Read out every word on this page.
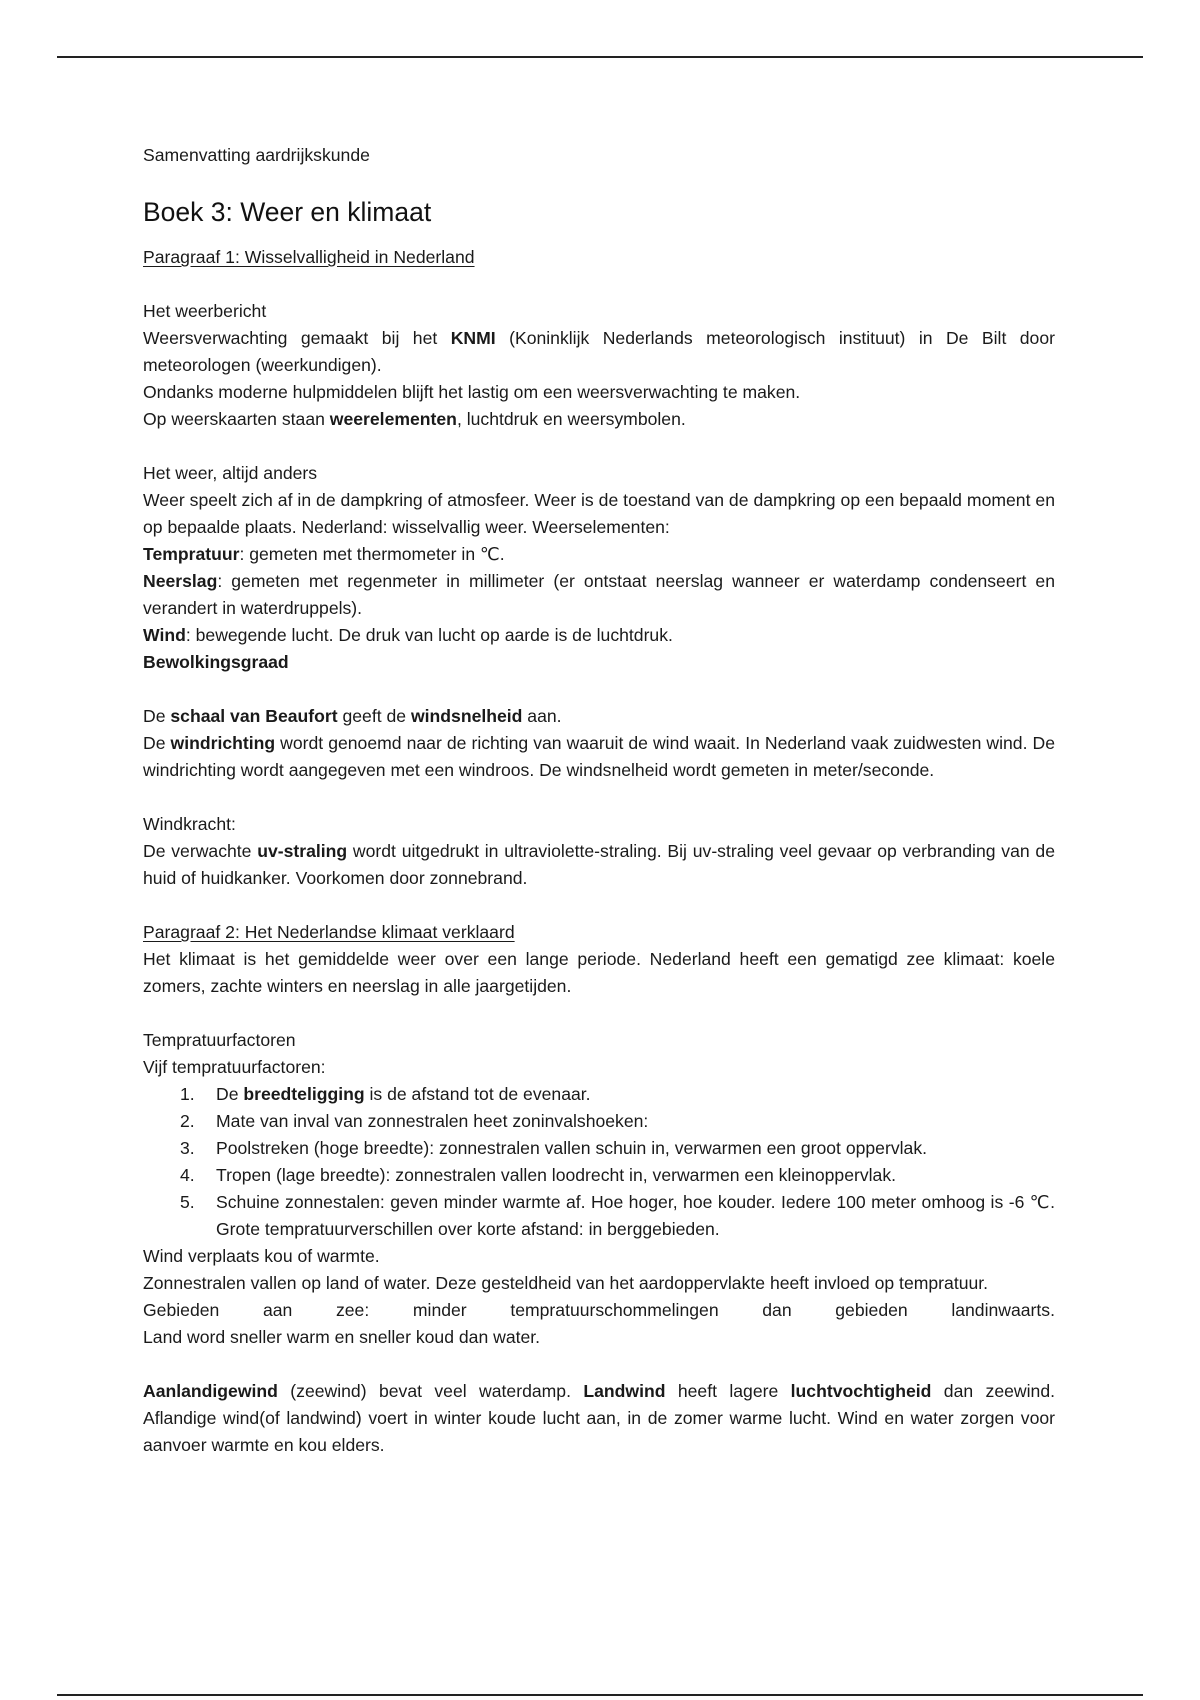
Samenvatting aardrijkskunde

Boek 3: Weer en klimaat

Paragraaf 1: Wisselvalligheid in Nederland

Het weerbericht

Weersverwachting gemaakt bij het KNMI (Koninklijk Nederlands meteorologisch instituut) in De Bilt door meteorologen (weerkundigen).

Ondanks moderne hulpmiddelen blijft het lastig om een weersverwachting te maken.

Op weerskaarten staan weerelementen, luchtdruk en weersymbolen.

Het weer, altijd anders

Weer speelt zich af in de dampkring of atmosfeer. Weer is de toestand van de dampkring op een bepaald moment en op bepaalde plaats. Nederland: wisselvallig weer. Weerselementen:

Tempratuur: gemeten met thermometer in ℃.

Neerslag: gemeten met regenmeter in millimeter (er ontstaat neerslag wanneer er waterdamp condenseert en verandert in waterdruppels).

Wind: bewegende lucht. De druk van lucht op aarde is de luchtdruk.

Bewolkingsgraad

De schaal van Beaufort geeft de windsnelheid aan.

De windrichting wordt genoemd naar de richting van waaruit de wind waait. In Nederland vaak zuidwesten wind. De windrichting wordt aangegeven met een windroos. De windsnelheid wordt gemeten in meter/seconde.

Windkracht:

De verwachte uv-straling wordt uitgedrukt in ultraviolette-straling. Bij uv-straling veel gevaar op verbranding van de huid of huidkanker. Voorkomen door zonnebrand.

Paragraaf 2: Het Nederlandse klimaat verklaard

Het klimaat is het gemiddelde weer over een lange periode. Nederland heeft een gematigd zee klimaat: koele zomers, zachte winters en neerslag in alle jaargetijden.

Tempratuurfactoren

Vijf tempratuurfactoren:

1. De breedteligging is de afstand tot de evenaar.
2. Mate van inval van zonnestralen heet zoninvalshoeken:
3. Poolstreken (hoge breedte): zonnestralen vallen schuin in, verwarmen een groot oppervlak.
4. Tropen (lage breedte): zonnestralen vallen loodrecht in, verwarmen een kleinoppervlak.
5. Schuine zonnestalen: geven minder warmte af. Hoe hoger, hoe kouder. Iedere 100 meter omhoog is -6 ℃. Grote tempratuurverschillen over korte afstand: in berggebieden.

Wind verplaats kou of warmte.

Zonnestralen vallen op land of water. Deze gesteldheid van het aardoppervlakte heeft invloed op tempratuur.

Gebieden aan zee: minder tempratuurschommelingen dan gebieden landinwaarts.

Land word sneller warm en sneller koud dan water.

Aanlandigewind (zeewind) bevat veel waterdamp. Landwind heeft lagere luchtvochtigheid dan zeewind. Aflandige wind(of landwind) voert in winter koude lucht aan, in de zomer warme lucht. Wind en water zorgen voor aanvoer warmte en kou elders.
